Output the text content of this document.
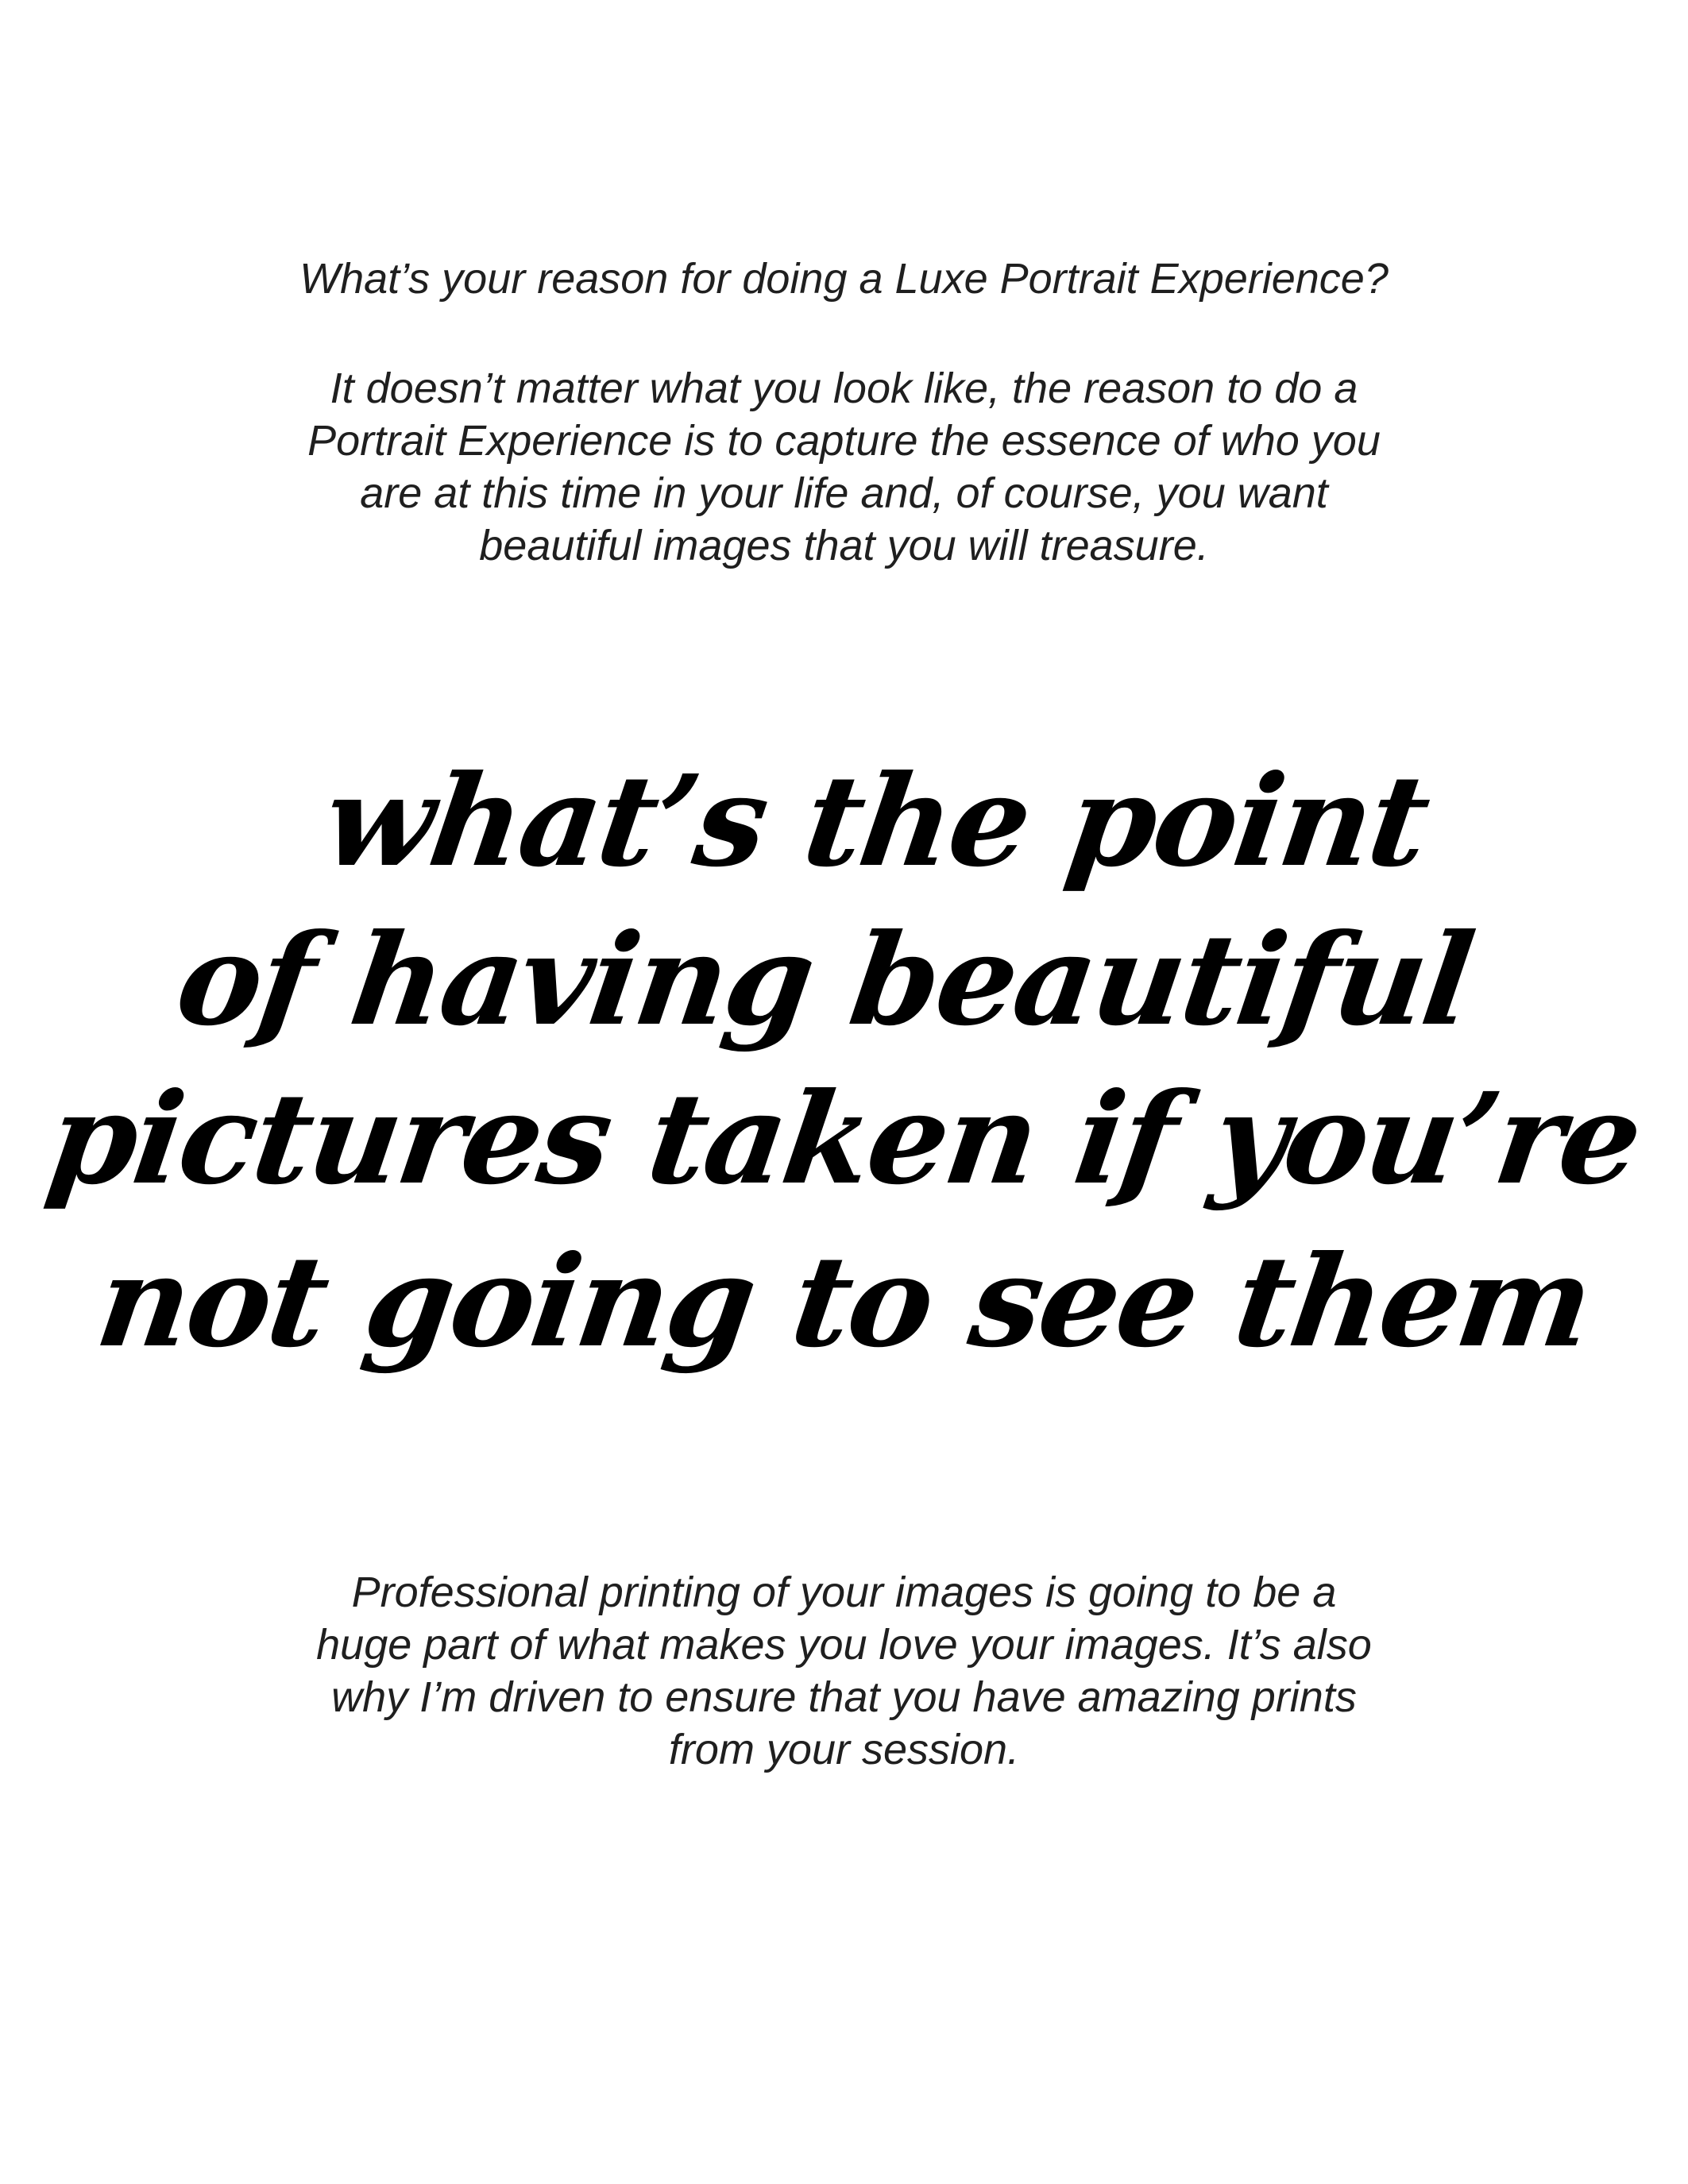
What’s your reason for doing a Luxe Portrait Experience?
It doesn’t matter what you look like, the reason to do a
Portrait Experience is to capture the essence of who you
are at this time in your life and, of course, you want
beautiful images that you will treasure.
what’s the point
of having beautiful
pictures taken if you’re
not going to see them
Professional printing of your images is going to be a
huge part of what makes you love your images. It’s also
why I’m driven to ensure that you have amazing prints
from your session.
